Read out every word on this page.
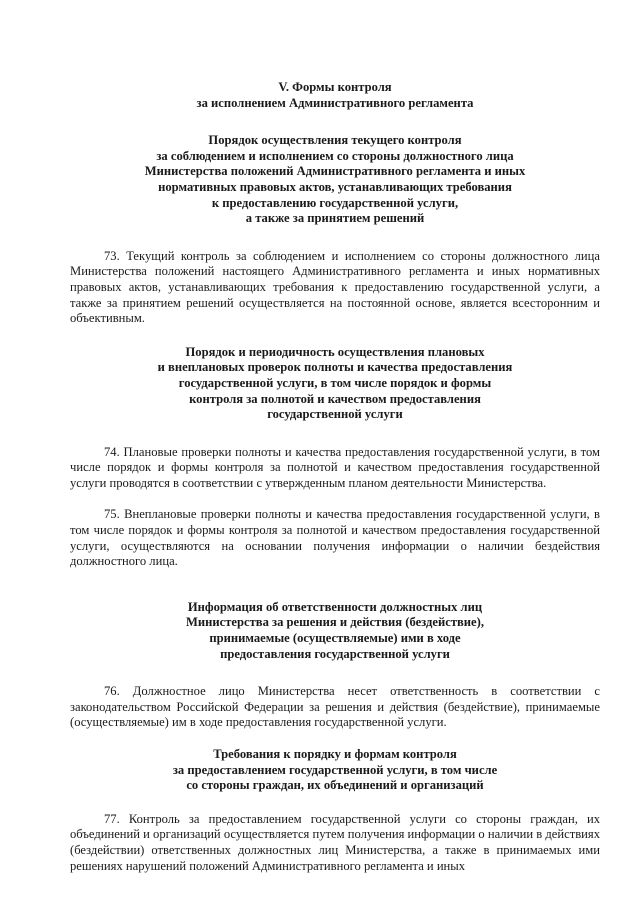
V. Формы контроля
за исполнением Административного регламента
Порядок осуществления текущего контроля
за соблюдением и исполнением со стороны должностного лица
Министерства положений Административного регламента и иных
нормативных правовых актов, устанавливающих требования
к предоставлению государственной услуги,
а также за принятием решений

73. Текущий контроль за соблюдением и исполнением со стороны должностного лица Министерства положений настоящего Административного регламента и иных нормативных правовых актов, устанавливающих требования к предоставлению государственной услуги, а также за принятием решений осуществляется на постоянной основе, является всесторонним и объективным.

Порядок и периодичность осуществления плановых
и внеплановых проверок полноты и качества предоставления
государственной услуги, в том числе порядок и формы
контроля за полнотой и качеством предоставления
государственной услуги

74. Плановые проверки полноты и качества предоставления государственной услуги, в том числе порядок и формы контроля за полнотой и качеством предоставления государственной услуги проводятся в соответствии с утвержденным планом деятельности Министерства.

75. Внеплановые проверки полноты и качества предоставления государственной услуги, в том числе порядок и формы контроля за полнотой и качеством предоставления государственной услуги, осуществляются на основании получения информации о наличии бездействия должностного лица.

Информация об ответственности должностных лиц
Министерства за решения и действия (бездействие),
принимаемые (осуществляемые) ими в ходе
предоставления государственной услуги

76. Должностное лицо Министерства несет ответственность в соответствии с законодательством Российской Федерации за решения и действия (бездействие), принимаемые (осуществляемые) им в ходе предоставления государственной услуги.

Требования к порядку и формам контроля
за предоставлением государственной услуги, в том числе
со стороны граждан, их объединений и организаций

77. Контроль за предоставлением государственной услуги со стороны граждан, их объединений и организаций осуществляется путем получения информации о наличии в действиях (бездействии) ответственных должностных лиц Министерства, а также в принимаемых ими решениях нарушений положений Административного регламента и иных
